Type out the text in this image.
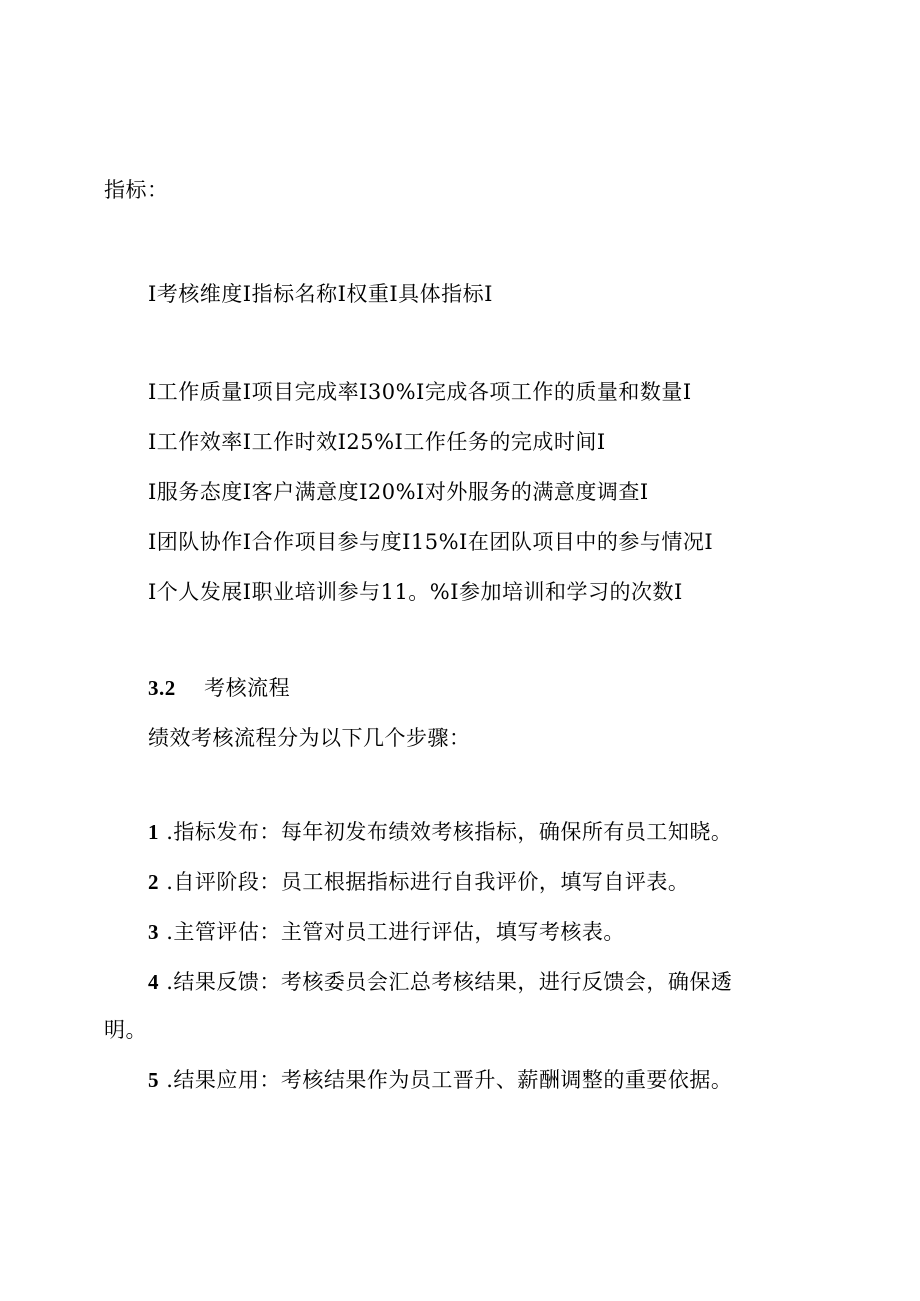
指标：
I考核维度I指标名称I权重I具体指标I
I工作质量I项目完成率I30%I完成各项工作的质量和数量I
I工作效率I工作时效I25%I工作任务的完成时间I
I服务态度I客户满意度I20%I对外服务的满意度调查I
I团队协作I合作项目参与度I15%I在团队项目中的参与情况I
I个人发展I职业培训参与11。%I参加培训和学习的次数I
3.2 考核流程
绩效考核流程分为以下几个步骤：
1 .指标发布：每年初发布绩效考核指标，确保所有员工知晓。
2 .自评阶段：员工根据指标进行自我评价，填写自评表。
3 .主管评估：主管对员工进行评估，填写考核表。
4 .结果反馈：考核委员会汇总考核结果，进行反馈会，确保透
明。
5 .结果应用：考核结果作为员工晋升、薪酬调整的重要依据。
